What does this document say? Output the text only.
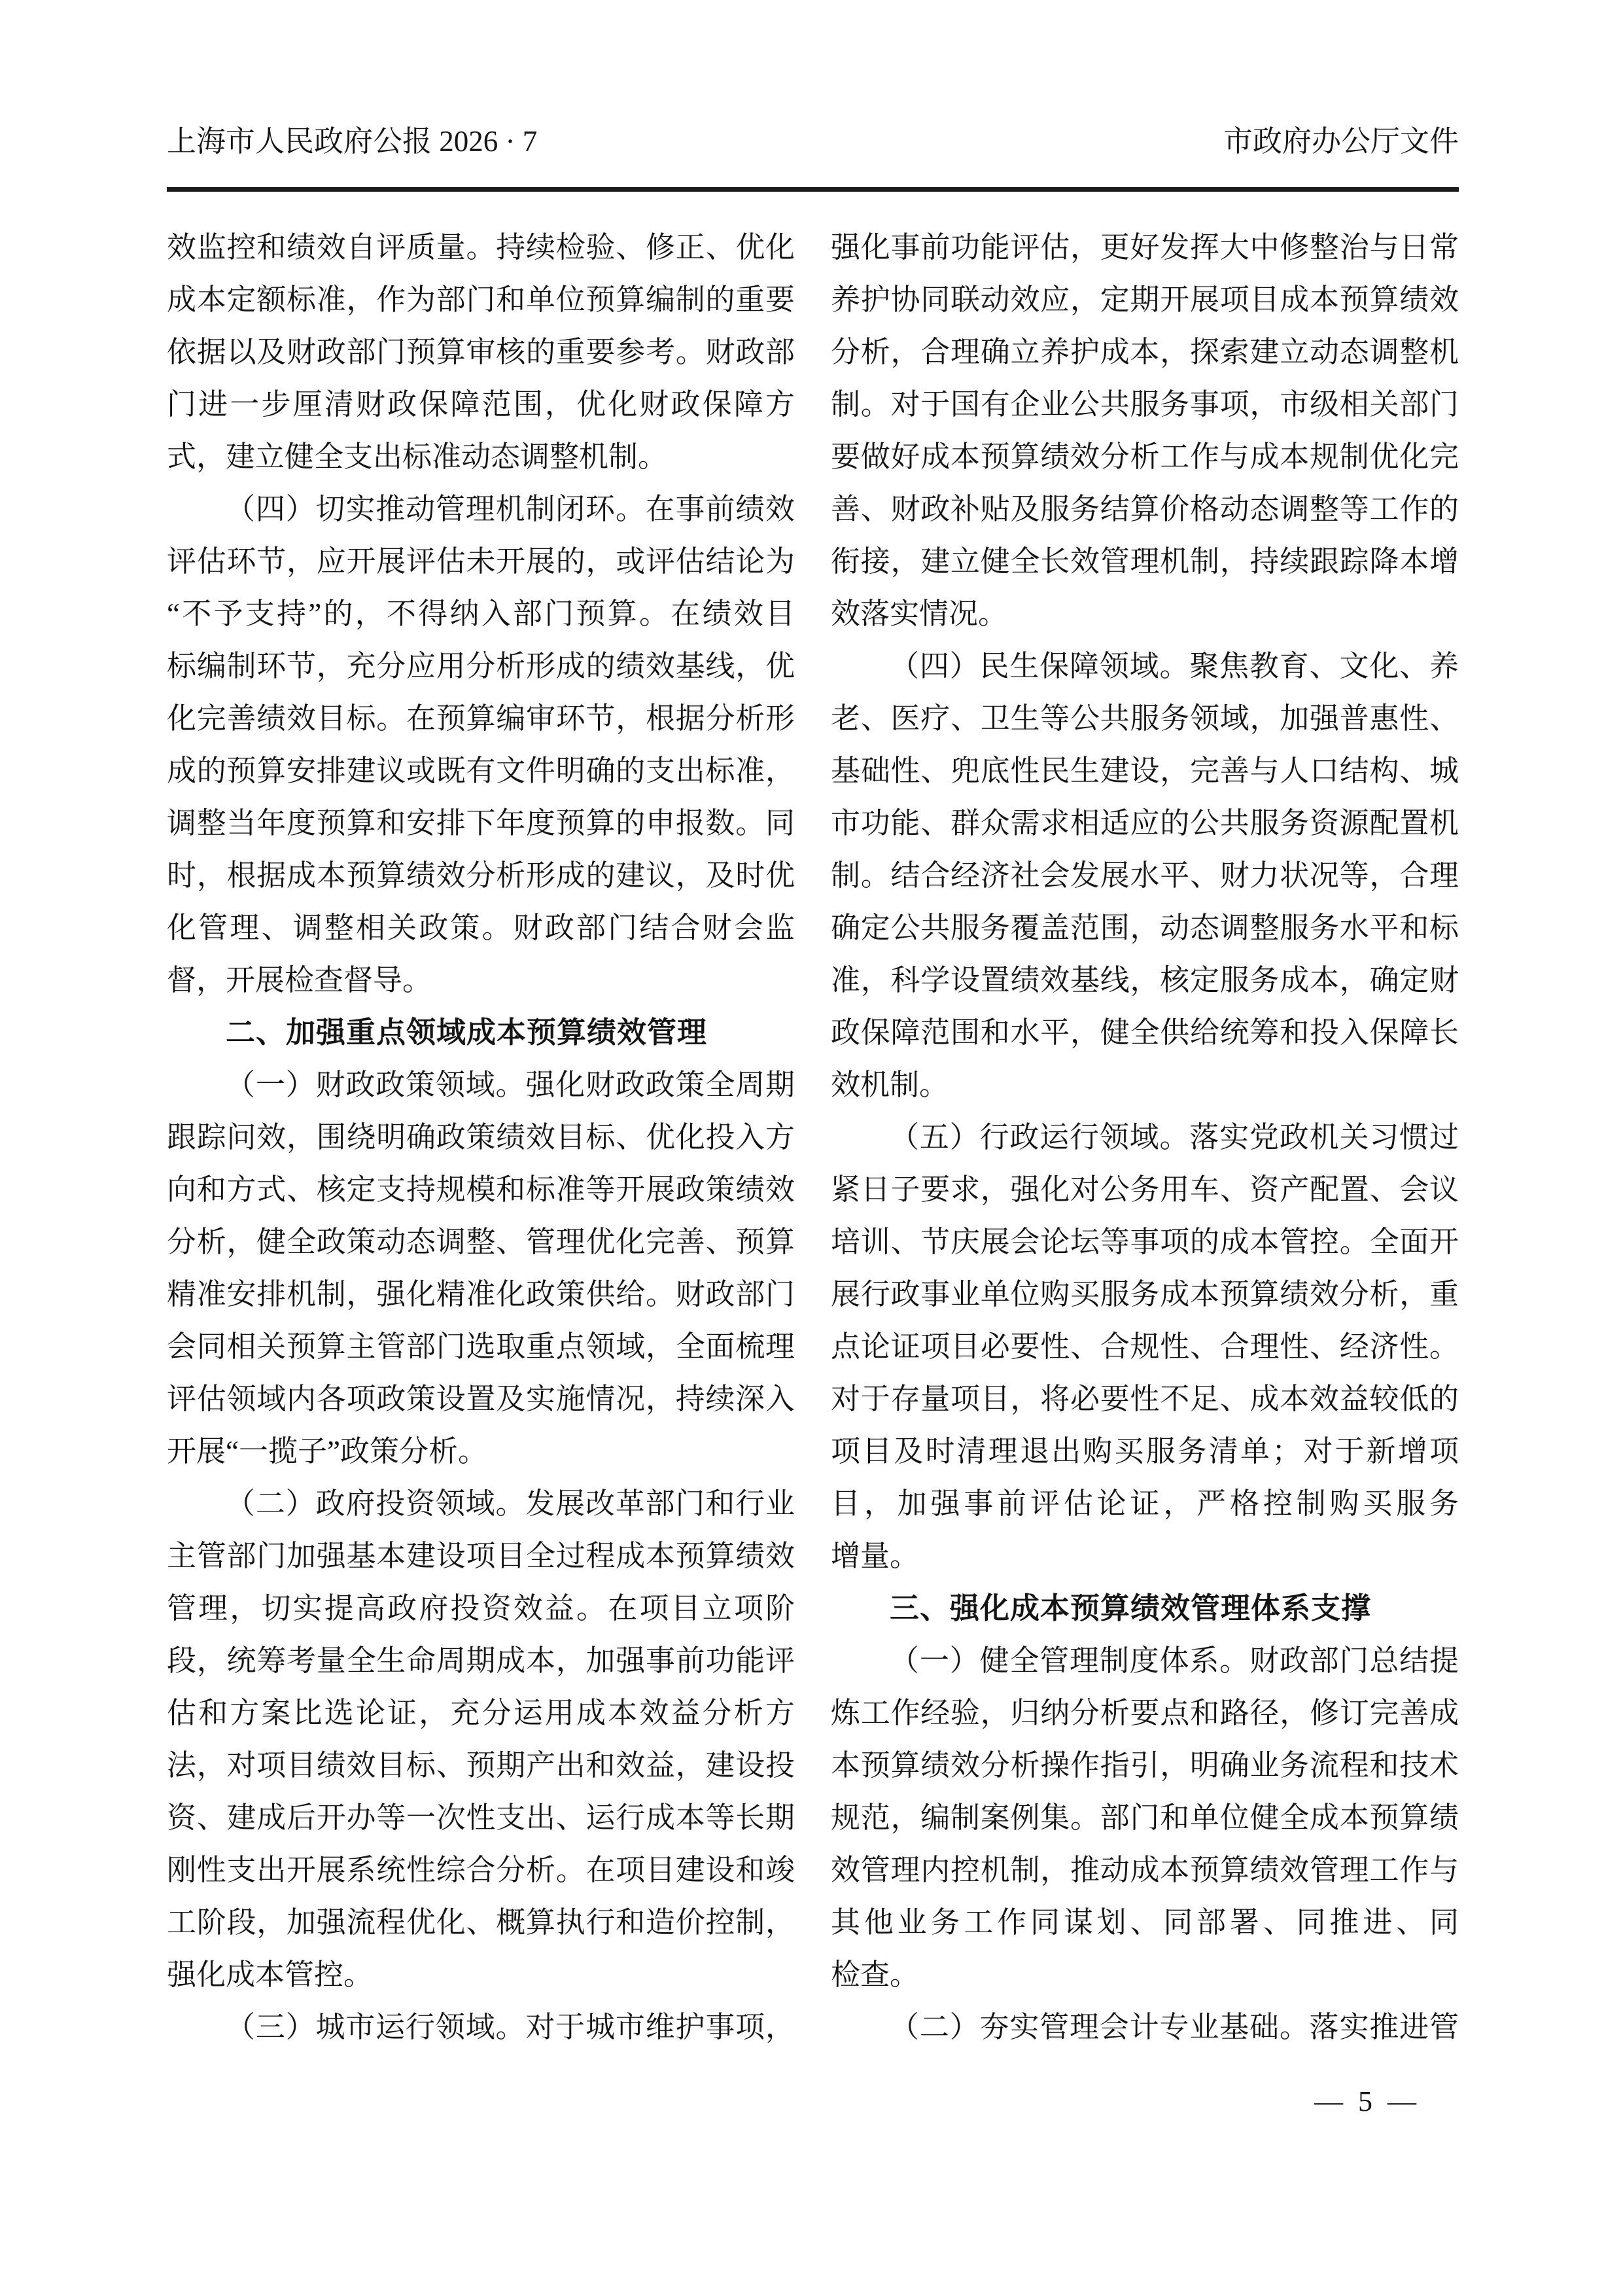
上海市人民政府公报 2026 · 7	市政府办公厅文件
效监控和绩效自评质量。持续检验、修正、优化
成本定额标准，作为部门和单位预算编制的重要
依据以及财政部门预算审核的重要参考。财政部
门进一步厘清财政保障范围，优化财政保障方
式，建立健全支出标准动态调整机制。
（四）切实推动管理机制闭环。在事前绩效
评估环节，应开展评估未开展的，或评估结论为
“不予支持”的，不得纳入部门预算。在绩效目
标编制环节，充分应用分析形成的绩效基线，优
化完善绩效目标。在预算编审环节，根据分析形
成的预算安排建议或既有文件明确的支出标准，
调整当年度预算和安排下年度预算的申报数。同
时，根据成本预算绩效分析形成的建议，及时优
化管理、调整相关政策。财政部门结合财会监
督，开展检查督导。
二、加强重点领域成本预算绩效管理
（一）财政政策领域。强化财政政策全周期
跟踪问效，围绕明确政策绩效目标、优化投入方
向和方式、核定支持规模和标准等开展政策绩效
分析，健全政策动态调整、管理优化完善、预算
精准安排机制，强化精准化政策供给。财政部门
会同相关预算主管部门选取重点领域，全面梳理
评估领域内各项政策设置及实施情况，持续深入
开展“一揽子”政策分析。
（二）政府投资领域。发展改革部门和行业
主管部门加强基本建设项目全过程成本预算绩效
管理，切实提高政府投资效益。在项目立项阶
段，统筹考量全生命周期成本，加强事前功能评
估和方案比选论证，充分运用成本效益分析方
法，对项目绩效目标、预期产出和效益，建设投
资、建成后开办等一次性支出、运行成本等长期
刚性支出开展系统性综合分析。在项目建设和竣
工阶段，加强流程优化、概算执行和造价控制，
强化成本管控。
（三）城市运行领域。对于城市维护事项，
强化事前功能评估，更好发挥大中修整治与日常
养护协同联动效应，定期开展项目成本预算绩效
分析，合理确立养护成本，探索建立动态调整机
制。对于国有企业公共服务事项，市级相关部门
要做好成本预算绩效分析工作与成本规制优化完
善、财政补贴及服务结算价格动态调整等工作的
衔接，建立健全长效管理机制，持续跟踪降本增
效落实情况。
（四）民生保障领域。聚焦教育、文化、养
老、医疗、卫生等公共服务领域，加强普惠性、
基础性、兜底性民生建设，完善与人口结构、城
市功能、群众需求相适应的公共服务资源配置机
制。结合经济社会发展水平、财力状况等，合理
确定公共服务覆盖范围，动态调整服务水平和标
准，科学设置绩效基线，核定服务成本，确定财
政保障范围和水平，健全供给统筹和投入保障长
效机制。
（五）行政运行领域。落实党政机关习惯过
紧日子要求，强化对公务用车、资产配置、会议
培训、节庆展会论坛等事项的成本管控。全面开
展行政事业单位购买服务成本预算绩效分析，重
点论证项目必要性、合规性、合理性、经济性。
对于存量项目，将必要性不足、成本效益较低的
项目及时清理退出购买服务清单；对于新增项
目，加强事前评估论证，严格控制购买服务
增量。
三、强化成本预算绩效管理体系支撑
（一）健全管理制度体系。财政部门总结提
炼工作经验，归纳分析要点和路径，修订完善成
本预算绩效分析操作指引，明确业务流程和技术
规范，编制案例集。部门和单位健全成本预算绩
效管理内控机制，推动成本预算绩效管理工作与
其他业务工作同谋划、同部署、同推进、同
检查。
（二）夯实管理会计专业基础。落实推进管
— 5 —
